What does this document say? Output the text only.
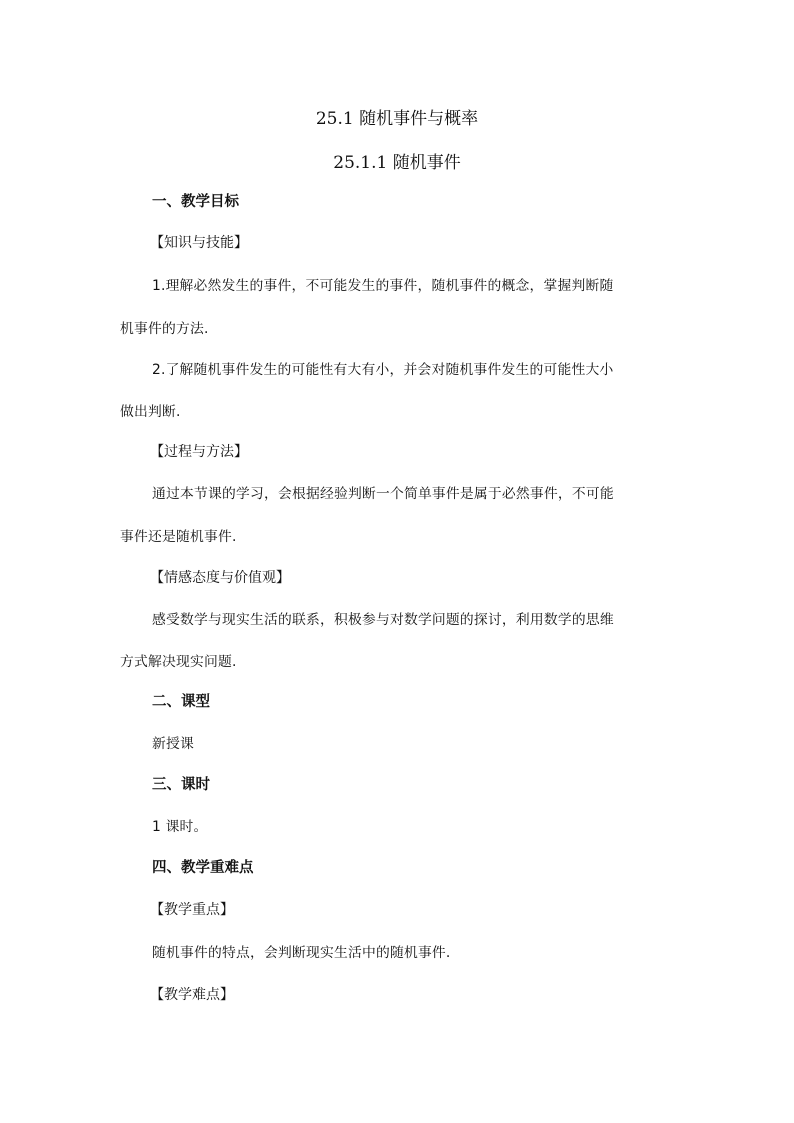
25.1 随机事件与概率
25.1.1 随机事件
一、教学目标
【知识与技能】
1.理解必然发生的事件，不可能发生的事件，随机事件的概念，掌握判断随
机事件的方法.
2.了解随机事件发生的可能性有大有小，并会对随机事件发生的可能性大小
做出判断.
【过程与方法】
通过本节课的学习，会根据经验判断一个简单事件是属于必然事件，不可能
事件还是随机事件.
【情感态度与价值观】
感受数学与现实生活的联系，积极参与对数学问题的探讨，利用数学的思维
方式解决现实问题.
二、课型
新授课
三、课时
1 课时。
四、教学重难点
【教学重点】
随机事件的特点，会判断现实生活中的随机事件.
【教学难点】
